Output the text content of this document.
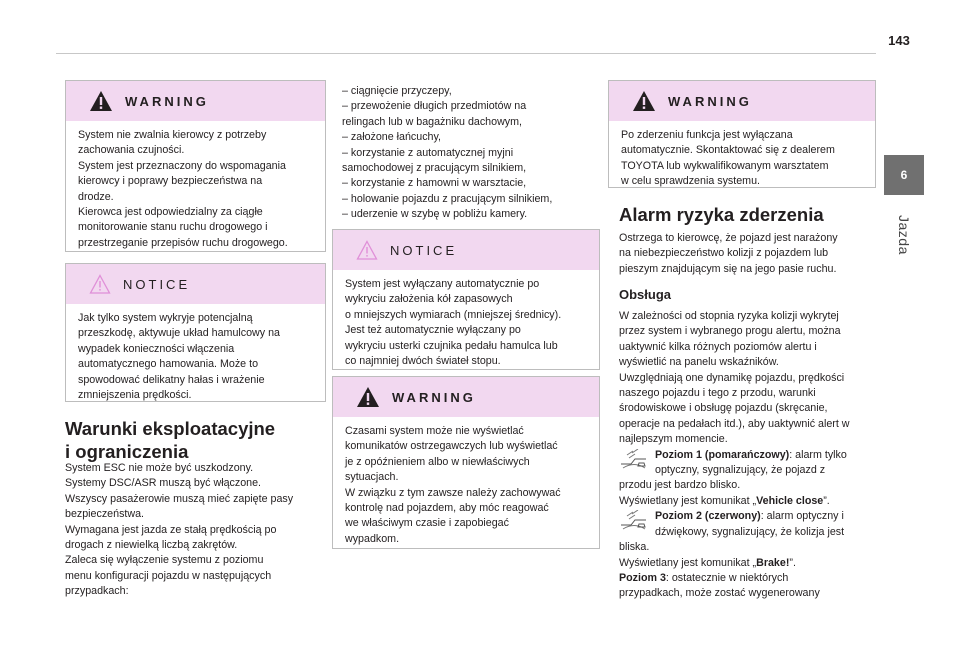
143
6
Jazda
WARNING

System nie zwalnia kierowcy z potrzeby

zachowania czujności.

System jest przeznaczony do wspomagania

kierowcy i poprawy bezpieczeństwa na

drodze.

Kierowca jest odpowiedzialny za ciągłe

monitorowanie stanu ruchu drogowego i

przestrzeganie przepisów ruchu drogowego.

NOTICE

Jak tylko system wykryje potencjalną

przeszkodę, aktywuje układ hamulcowy na

wypadek konieczności włączenia

automatycznego hamowania. Może to

spowodować delikatny hałas i wrażenie

zmniejszenia prędkości.

Warunki eksploatacyjne
i ograniczenia

System ESC nie może być uszkodzony.

Systemy DSC/ASR muszą być włączone.

Wszyscy pasażerowie muszą mieć zapięte pasy

bezpieczeństwa.

Wymagana jest jazda ze stałą prędkością po

drogach z niewielką liczbą zakrętów.

Zaleca się wyłączenie systemu z poziomu

menu konfiguracji pojazdu w następujących

przypadkach:

– ciągnięcie przyczepy,

– przewożenie długich przedmiotów na

relingach lub w bagażniku dachowym,

– założone łańcuchy,

– korzystanie z automatycznej myjni

samochodowej z pracującym silnikiem,

– korzystanie z hamowni w warsztacie,

– holowanie pojazdu z pracującym silnikiem,

– uderzenie w szybę w pobliżu kamery.

NOTICE

System jest wyłączany automatycznie po

wykryciu założenia kół zapasowych

o mniejszych wymiarach (mniejszej średnicy).

Jest też automatycznie wyłączany po

wykryciu usterki czujnika pedału hamulca lub

co najmniej dwóch świateł stopu.

WARNING

Czasami system może nie wyświetlać

komunikatów ostrzegawczych lub wyświetlać

je z opóźnieniem albo w niewłaściwych

sytuacjach.

W związku z tym zawsze należy zachowywać

kontrolę nad pojazdem, aby móc reagować

we właściwym czasie i zapobiegać

wypadkom.

WARNING

Po zderzeniu funkcja jest wyłączana

automatycznie. Skontaktować się z dealerem

TOYOTA lub wykwalifikowanym warsztatem

w celu sprawdzenia systemu.

Alarm ryzyka zderzenia

Ostrzega to kierowcę, że pojazd jest narażony

na niebezpieczeństwo kolizji z pojazdem lub

pieszym znajdującym się na jego pasie ruchu.

Obsługa

W zależności od stopnia ryzyka kolizji wykrytej

przez system i wybranego progu alertu, można

uaktywnić kilka różnych poziomów alertu i

wyświetlić na panelu wskaźników.

Uwzględniają one dynamikę pojazdu, prędkości

naszego pojazdu i tego z przodu, warunki

środowiskowe i obsługę pojazdu (skręcanie,

operacje na pedałach itd.), aby uaktywnić alert w

najlepszym momencie.

Poziom 1 (pomarańczowy): alarm tylko

optyczny, sygnalizujący, że pojazd z

przodu jest bardzo blisko.

Wyświetlany jest komunikat „Vehicle close”.

Poziom 2 (czerwony): alarm optyczny i

dźwiękowy, sygnalizujący, że kolizja jest

bliska.

Wyświetlany jest komunikat „Brake!”.

Poziom 3: ostatecznie w niektórych

przypadkach, może zostać wygenerowany
